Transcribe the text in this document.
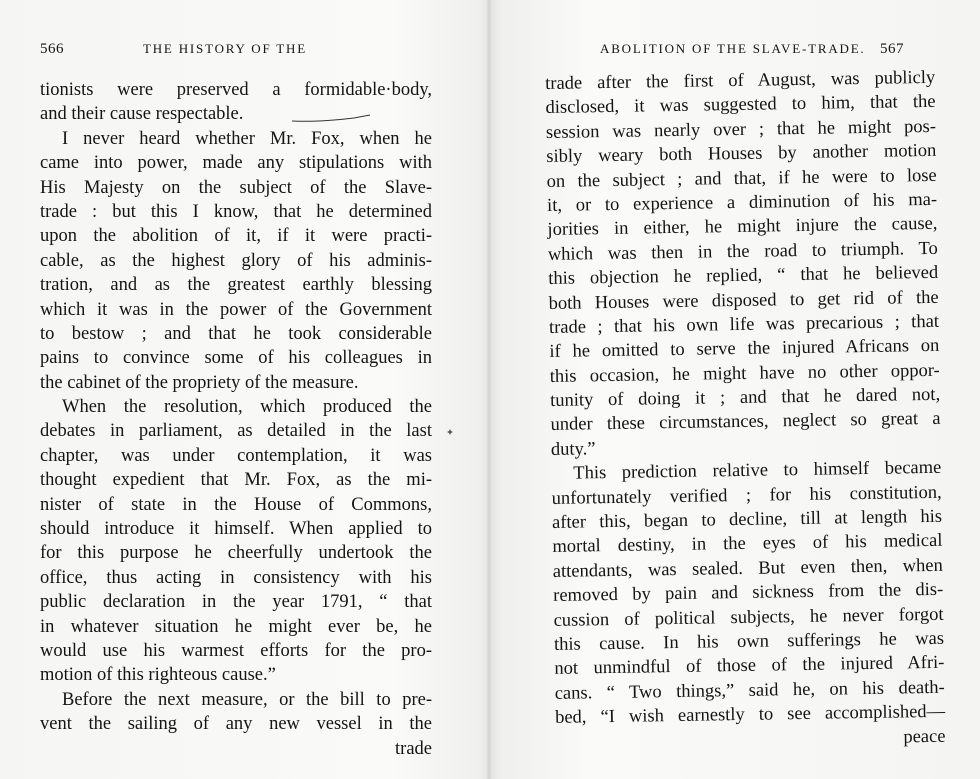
566	THE HISTORY OF THE	ABOLITION OF THE SLAVE-TRADE. 567
tionists were preserved a formidable·body,
and their cause respectable.
I never heard whether Mr. Fox, when he
came into power, made any stipulations with
His Majesty on the subject of the Slave-
trade : but this I know, that he determined
upon the abolition of it, if it were practi-
cable, as the highest glory of his adminis-
tration, and as the greatest earthly blessing
which it was in the power of the Government
to bestow ; and that he took considerable
pains to convince some of his colleagues in
the cabinet of the propriety of the measure.
When the resolution, which produced the
debates in parliament, as detailed in the last
chapter, was under contemplation, it was
thought expedient that Mr. Fox, as the mi-
nister of state in the House of Commons,
should introduce it himself. When applied to
for this purpose he cheerfully undertook the
office, thus acting in consistency with his
public declaration in the year 1791, “ that
in whatever situation he might ever be, he
would use his warmest efforts for the pro-
motion of this righteous cause.”
Before the next measure, or the bill to pre-
vent the sailing of any new vessel in the
trade
trade after the first of August, was publicly
disclosed, it was suggested to him, that the
session was nearly over ; that he might pos-
sibly weary both Houses by another motion
on the subject ; and that, if he were to lose
it, or to experience a diminution of his ma-
jorities in either, he might injure the cause,
which was then in the road to triumph. To
this objection he replied, “ that he believed
both Houses were disposed to get rid of the
trade ; that his own life was precarious ; that
if he omitted to serve the injured Africans on
this occasion, he might have no other oppor-
tunity of doing it ; and that he dared not,
under these circumstances, neglect so great a
duty.”
This prediction relative to himself became
unfortunately verified ; for his constitution,
after this, began to decline, till at length his
mortal destiny, in the eyes of his medical
attendants, was sealed. But even then, when
removed by pain and sickness from the dis-
cussion of political subjects, he never forgot
this cause. In his own sufferings he was
not unmindful of those of the injured Afri-
cans. “ Two things,” said he, on his death-
bed, “I wish earnestly to see accomplished—
peace
